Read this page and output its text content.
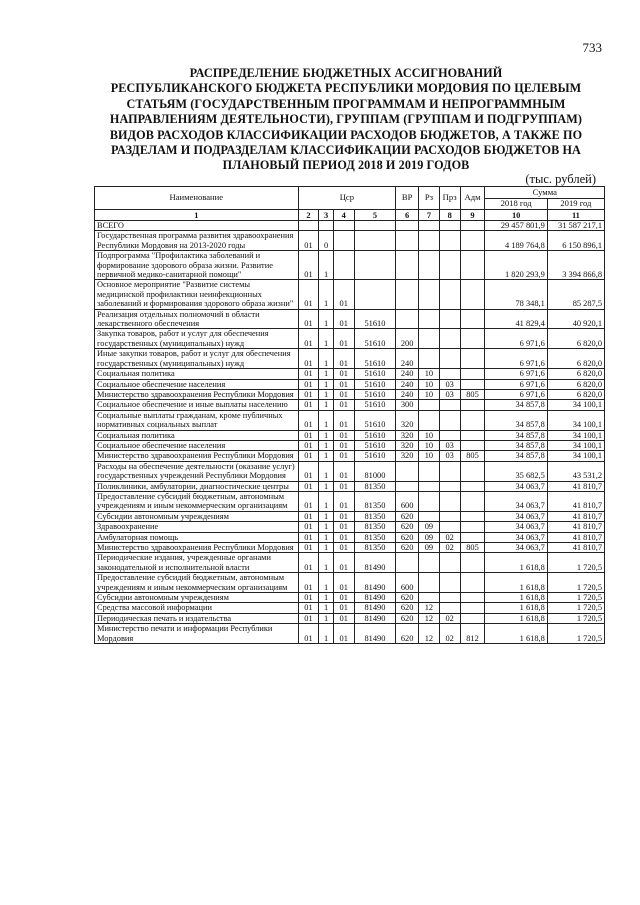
733
РАСПРЕДЕЛЕНИЕ БЮДЖЕТНЫХ АССИГНОВАНИЙ
РЕСПУБЛИКАНСКОГО БЮДЖЕТА РЕСПУБЛИКИ МОРДОВИЯ ПО ЦЕЛЕВЫМ
СТАТЬЯМ (ГОСУДАРСТВЕННЫМ ПРОГРАММАМ И НЕПРОГРАММНЫМ
НАПРАВЛЕНИЯМ ДЕЯТЕЛЬНОСТИ), ГРУППАМ (ГРУППАМ И ПОДГРУППАМ)
ВИДОВ РАСХОДОВ КЛАССИФИКАЦИИ РАСХОДОВ БЮДЖЕТОВ, А ТАКЖЕ ПО
РАЗДЕЛАМ И ПОДРАЗДЕЛАМ КЛАССИФИКАЦИИ РАСХОДОВ БЮДЖЕТОВ НА
ПЛАНОВЫЙ ПЕРИОД 2018 И 2019 ГОДОВ
(тыс. рублей)
Наименование	Цср				ВР	Рз	Прз	Адм	Сумма	
									2018 год	2019 год
1	2	3	4	5	6	7	8	9	10	11
ВСЕГО									29 457 801,9	31 587 217,1
Государственная программа развития здравоохранения Республики Мордовия на 2013-2020 годы	01	0							4 189 764,8	6 150 896,1
Подпрограмма "Профилактика заболеваний и формирование здорового образа жизни. Развитие первичной медико-санитарной помощи"	01	1							1 820 293,9	3 394 866,8
Основное мероприятие "Развитие системы медицинской профилактики неинфекционных заболеваний и формирования здорового образа жизни"	01	1	01						78 348,1	85 287,5
Реализация отдельных полномочий в области лекарственного обеспечения	01	1	01	51610					41 829,4	40 920,1
Закупка товаров, работ и услуг для обеспечения государственных (муниципальных) нужд	01	1	01	51610	200				6 971,6	6 820,0
Иные закупки товаров, работ и услуг для обеспечения государственных (муниципальных) нужд	01	1	01	51610	240				6 971,6	6 820,0
Социальная политика	01	1	01	51610	240	10			6 971,6	6 820,0
Социальное обеспечение населения	01	1	01	51610	240	10	03		6 971,6	6 820,0
Министерство здравоохранения Республики Мордовия	01	1	01	51610	240	10	03	805	6 971,6	6 820,0
Социальное обеспечение и иные выплаты населению	01	1	01	51610	300				34 857,8	34 100,1
Социальные выплаты гражданам, кроме публичных нормативных социальных выплат	01	1	01	51610	320				34 857,8	34 100,1
Социальная политика	01	1	01	51610	320	10			34 857,8	34 100,1
Социальное обеспечение населения	01	1	01	51610	320	10	03		34 857,8	34 100,1
Министерство здравоохранения Республики Мордовия	01	1	01	51610	320	10	03	805	34 857,8	34 100,1
Расходы на обеспечение деятельности (оказание услуг) государственных учреждений Республики Мордовия	01	1	01	81000					35 682,5	43 531,2
Поликлиники, амбулатории, диагностические центры	01	1	01	81350					34 063,7	41 810,7
Предоставление субсидий бюджетным, автономным учреждениям и иным некоммерческим организациям	01	1	01	81350	600				34 063,7	41 810,7
Субсидии автономным учреждениям	01	1	01	81350	620				34 063,7	41 810,7
Здравоохранение	01	1	01	81350	620	09			34 063,7	41 810,7
Амбулаторная помощь	01	1	01	81350	620	09	02		34 063,7	41 810,7
Министерство здравоохранения Республики Мордовия	01	1	01	81350	620	09	02	805	34 063,7	41 810,7
Периодические издания, учрежденные органами законодательной и исполнительной власти	01	1	01	81490					1 618,8	1 720,5
Предоставление субсидий бюджетным, автономным учреждениям и иным некоммерческим организациям	01	1	01	81490	600				1 618,8	1 720,5
Субсидии автономным учреждениям	01	1	01	81490	620				1 618,8	1 720,5
Средства массовой информации	01	1	01	81490	620	12			1 618,8	1 720,5
Периодическая печать и издательства	01	1	01	81490	620	12	02		1 618,8	1 720,5
Министерство печати и информации Республики Мордовия	01	1	01	81490	620	12	02	812	1 618,8	1 720,5
